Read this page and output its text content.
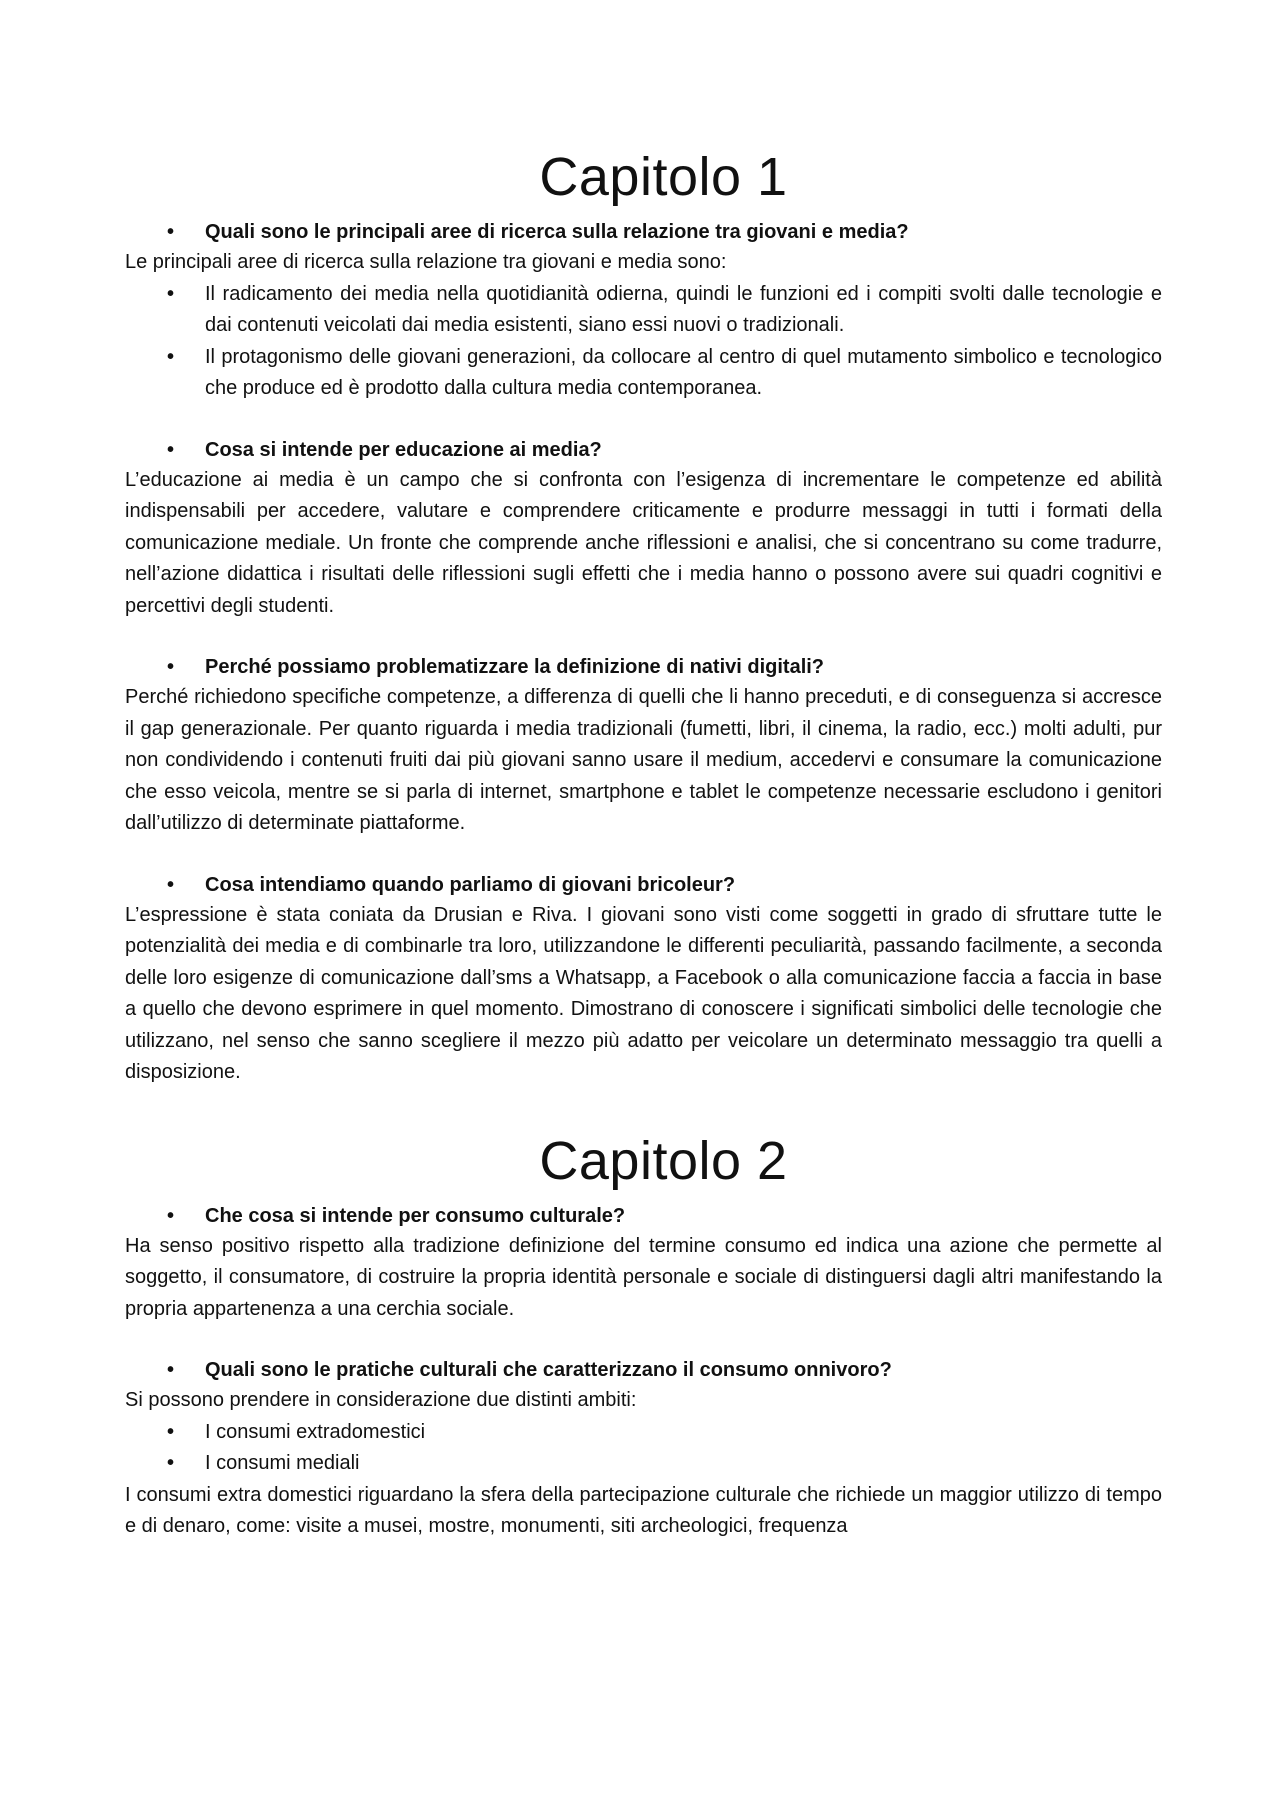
Capitolo 1

•	Quali sono le principali aree di ricerca sulla relazione tra giovani e media?

Le principali aree di ricerca sulla relazione tra giovani e media sono:

•	Il radicamento dei media nella quotidianità odierna, quindi le funzioni ed i compiti svolti dalle tecnologie e dai contenuti veicolati dai media esistenti, siano essi nuovi o tradizionali.
•	Il protagonismo delle giovani generazioni, da collocare al centro di quel mutamento simbolico e tecnologico che produce ed è prodotto dalla cultura media contemporanea.

•	Cosa si intende per educazione ai media?

L’educazione ai media è un campo che si confronta con l’esigenza di incrementare le competenze ed abilità indispensabili per accedere, valutare e comprendere criticamente e produrre messaggi in tutti i formati della comunicazione mediale. Un fronte che comprende anche riflessioni e analisi, che si concentrano su come tradurre, nell’azione didattica i risultati delle riflessioni sugli effetti che i media hanno o possono avere sui quadri cognitivi e percettivi degli studenti.

•	Perché possiamo problematizzare la definizione di nativi digitali?

Perché richiedono specifiche competenze, a differenza di quelli che li hanno preceduti, e di conseguenza si accresce il gap generazionale. Per quanto riguarda i media tradizionali (fumetti, libri, il cinema, la radio, ecc.) molti adulti, pur non condividendo i contenuti fruiti dai più giovani sanno usare il medium, accedervi e consumare la comunicazione che esso veicola, mentre se si parla di internet, smartphone e tablet le competenze necessarie escludono i genitori dall’utilizzo di determinate piattaforme.

•	Cosa intendiamo quando parliamo di giovani bricoleur?

L’espressione è stata coniata da Drusian e Riva. I giovani sono visti come soggetti in grado di sfruttare tutte le potenzialità dei media e di combinarle tra loro, utilizzandone le differenti peculiarità, passando facilmente, a seconda delle loro esigenze di comunicazione dall’sms a Whatsapp, a Facebook o alla comunicazione faccia a faccia in base a quello che devono esprimere in quel momento. Dimostrano di conoscere i significati simbolici delle tecnologie che utilizzano, nel senso che sanno scegliere il mezzo più adatto per veicolare un determinato messaggio tra quelli a disposizione.

Capitolo 2

•	Che cosa si intende per consumo culturale?

Ha senso positivo rispetto alla tradizione definizione del termine consumo ed indica una azione che permette al soggetto, il consumatore, di costruire la propria identità personale e sociale di distinguersi dagli altri manifestando la propria appartenenza a una cerchia sociale.

•	Quali sono le pratiche culturali che caratterizzano il consumo onnivoro?

Si possono prendere in considerazione due distinti ambiti:

•	I consumi extradomestici
•	I consumi mediali

I consumi extra domestici riguardano la sfera della partecipazione culturale che richiede un maggior utilizzo di tempo e di denaro, come: visite a musei, mostre, monumenti, siti archeologici, frequenza
